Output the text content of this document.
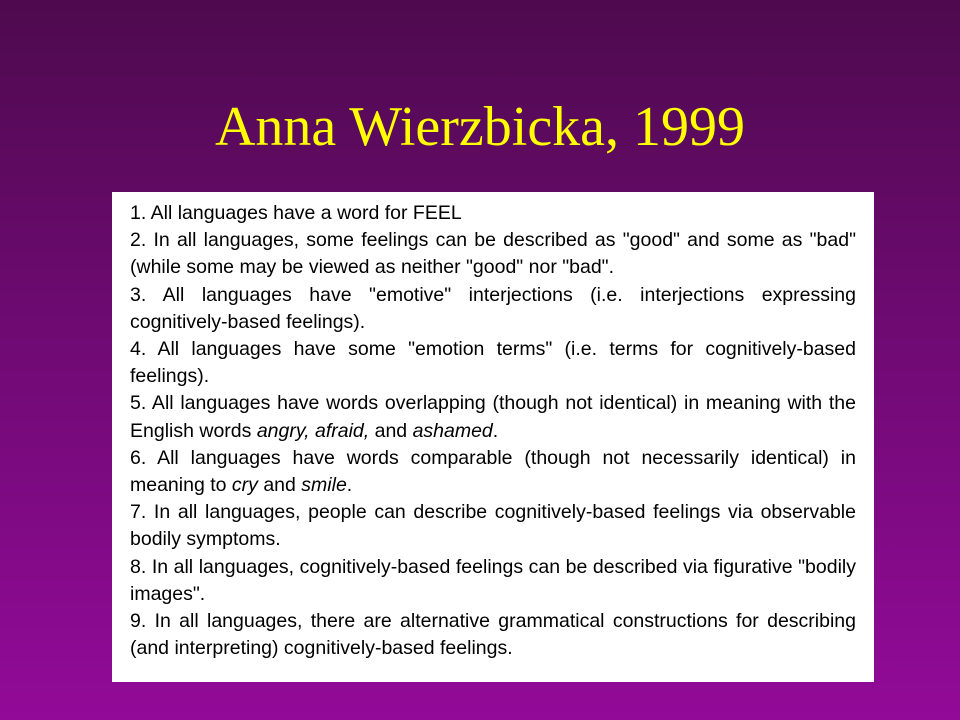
Anna Wierzbicka, 1999

1. All languages have a word for FEEL

2. In all languages, some feelings can be described as "good" and some as "bad" (while some may be viewed as neither "good" nor "bad".

3. All languages have "emotive" interjections (i.e. interjections expressing cognitively-based feelings).

4. All languages have some "emotion terms" (i.e. terms for cognitively-based feelings).

5. All languages have words overlapping (though not identical) in meaning with the English words angry, afraid, and ashamed.

6. All languages have words comparable (though not necessarily identical) in meaning to cry and smile.

7. In all languages, people can describe cognitively-based feelings via observable bodily symptoms.

8. In all languages, cognitively-based feelings can be described via figurative "bodily images".

9. In all languages, there are alternative grammatical constructions for describing (and interpreting) cognitively-based feelings.
